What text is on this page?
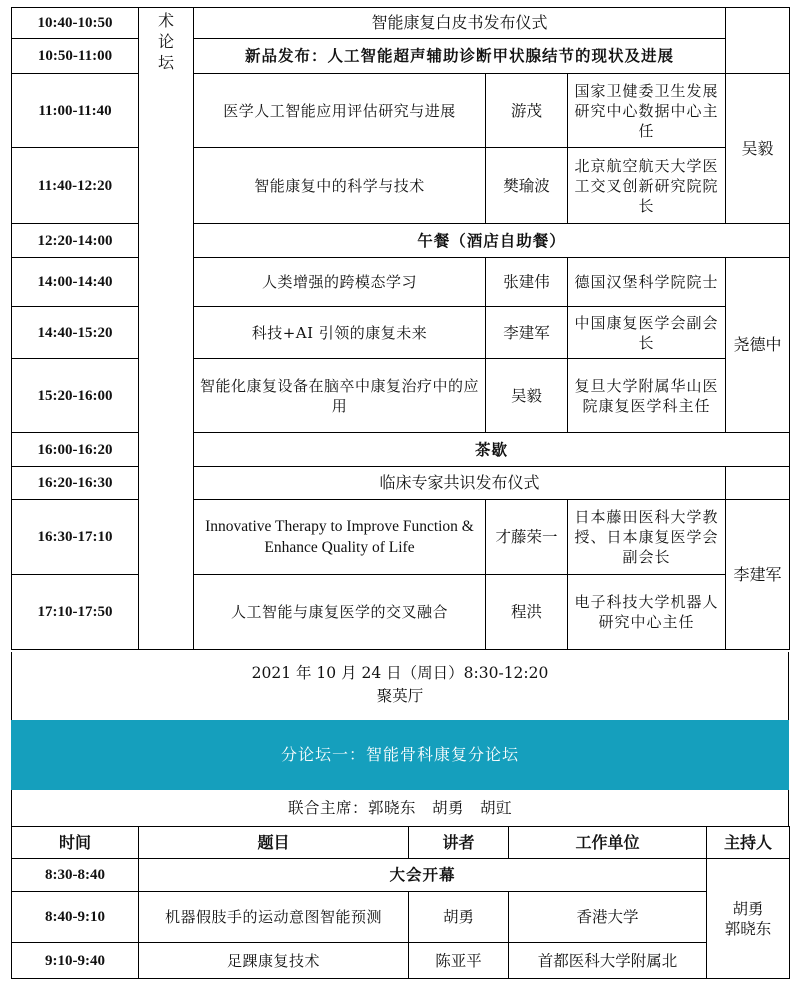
10:40-10:50	术论坛	智能康复白皮书发布仪式			
10:50-11:00		新品发布：人工智能超声辅助诊断甲状腺结节的现状及进展			
11:00-11:40		医学人工智能应用评估研究与进展	游茂	国家卫健委卫生发展研究中心数据中心主任	吴毅
11:40-12:20		智能康复中的科学与技术	樊瑜波	北京航空航天大学医工交叉创新研究院院长	
12:20-14:00		午餐（酒店自助餐）			
14:00-14:40		人类增强的跨模态学习	张建伟	德国汉堡科学院院士	尧德中
14:40-15:20		科技+AI 引领的康复未来	李建军	中国康复医学会副会长	
15:20-16:00		智能化康复设备在脑卒中康复治疗中的应用	吴毅	复旦大学附属华山医院康复医学科主任	
16:00-16:20		茶歇			
16:20-16:30		临床专家共识发布仪式			
16:30-17:10		Innovative Therapy to Improve Function & Enhance Quality of Life	才藤荣一	日本藤田医科大学教授、日本康复医学会副会长	李建军
17:10-17:50		人工智能与康复医学的交叉融合	程洪	电子科技大学机器人研究中心主任	
2021 年 10 月 24 日（周日）8:30-12:20
聚英厅
分论坛一：智能骨科康复分论坛
联合主席：郭晓东　胡勇　胡豇
时间	题目	讲者	工作单位	主持人
8:30-8:40	大会开幕			胡勇
郭晓东

8:40-9:10	机器假肢手的运动意图智能预测	胡勇	香港大学	
9:10-9:40	足踝康复技术	陈亚平	首都医科大学附属北	
